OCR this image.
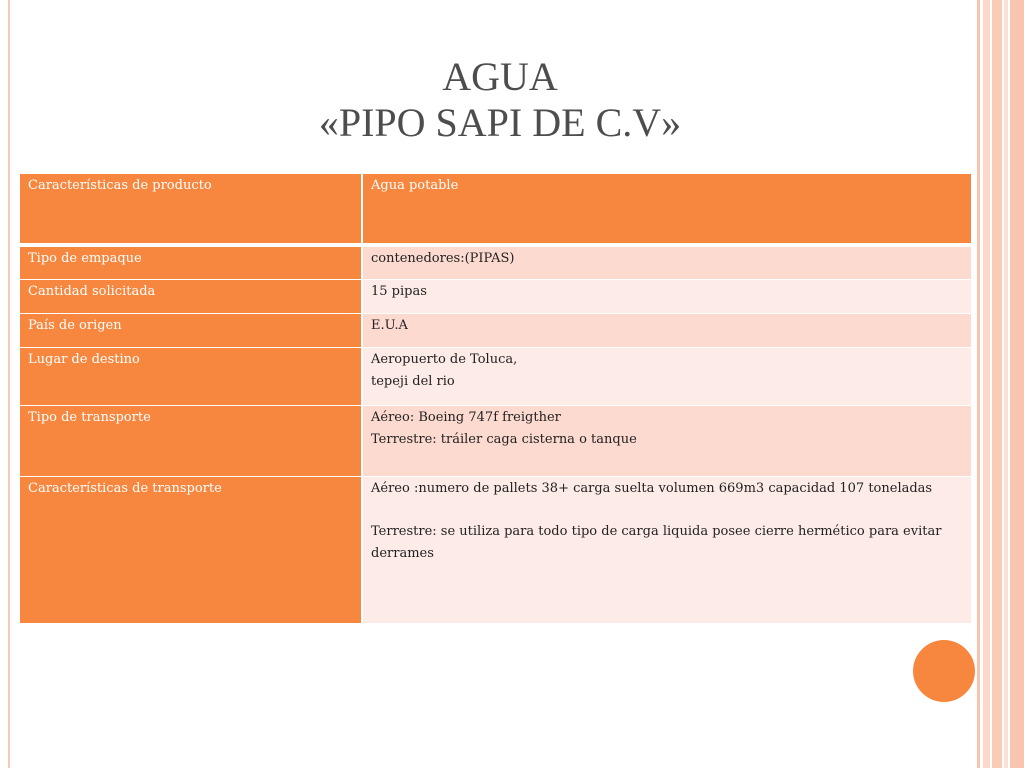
AGUA
«PIPO SAPI DE C.V»
Características de producto	Agua potable
Tipo de empaque	contenedores:(PIPAS)
Cantidad solicitada	15 pipas
País de origen	E.U.A
Lugar de destino	Aeropuerto de Toluca,
tepeji del rio
Tipo de transporte	Aéreo: Boeing 747f freigther
Terrestre: tráiler caga cisterna o tanque
Características de transporte	Aéreo :numero de pallets 38+ carga suelta volumen 669m3 capacidad 107 toneladas
Terrestre: se utiliza para todo tipo de carga liquida posee cierre hermético para evitar derrames
